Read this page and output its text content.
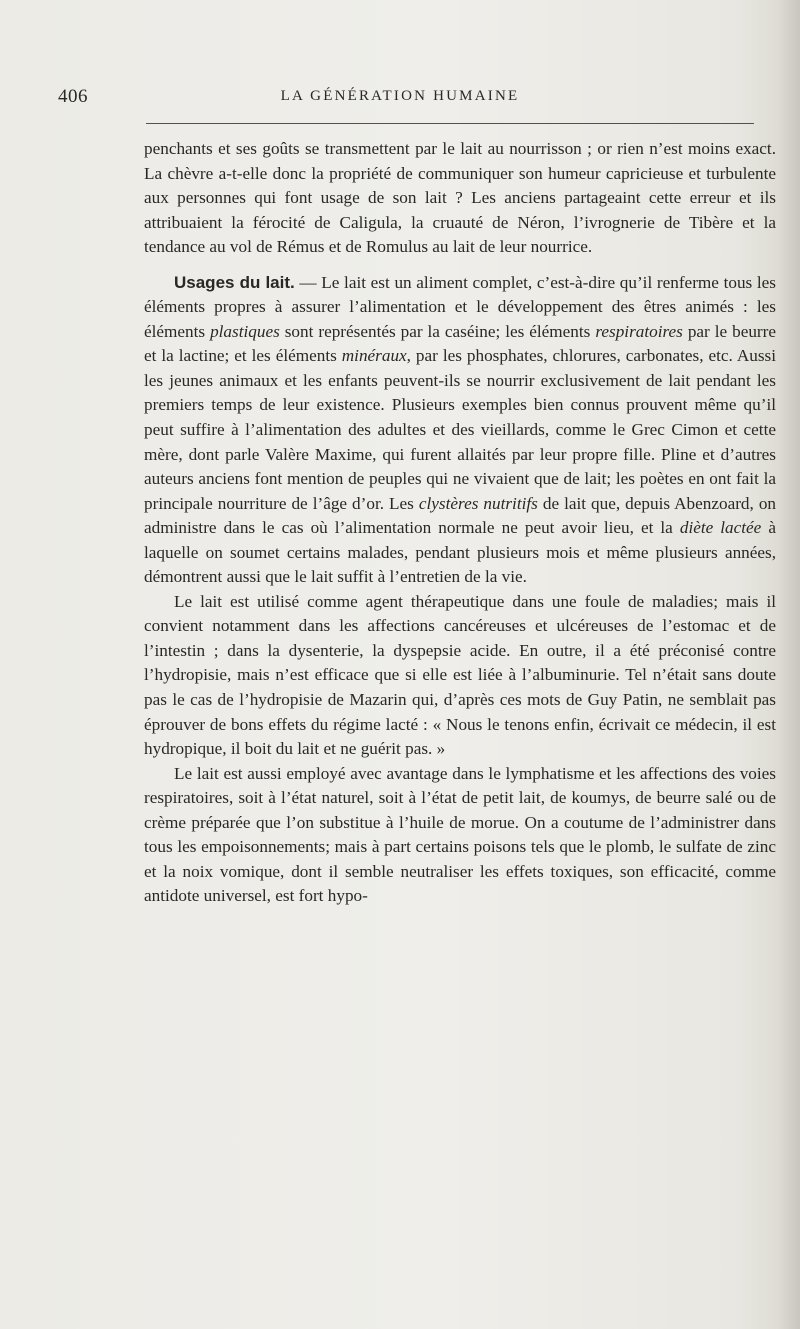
406	LA GÉNÉRATION HUMAINE

penchants et ses goûts se transmettent par le lait au nourrisson ; or rien n’est moins exact. La chèvre a-t-elle donc la propriété de communiquer son humeur capricieuse et turbulente aux personnes qui font usage de son lait ? Les anciens partageaint cette erreur et ils attribuaient la férocité de Caligula, la cruauté de Néron, l’ivrognerie de Tibère et la tendance au vol de Rémus et de Romulus au lait de leur nourrice.

Usages du lait. — Le lait est un aliment complet, c’est-à-dire qu’il renferme tous les éléments propres à assurer l’alimentation et le développement des êtres animés : les éléments plastiques sont représentés par la caséine; les éléments respiratoires par le beurre et la lactine; et les éléments minéraux, par les phosphates, chlorures, carbonates, etc. Aussi les jeunes animaux et les enfants peuvent-ils se nourrir exclusivement de lait pendant les premiers temps de leur existence. Plusieurs exemples bien connus prouvent même qu’il peut suffire à l’alimentation des adultes et des vieillards, comme le Grec Cimon et cette mère, dont parle Valère Maxime, qui furent allaités par leur propre fille. Pline et d’autres auteurs anciens font mention de peuples qui ne vivaient que de lait; les poètes en ont fait la principale nourriture de l’âge d’or. Les clystères nutritifs de lait que, depuis Abenzoard, on administre dans le cas où l’alimentation normale ne peut avoir lieu, et la diète lactée à laquelle on soumet certains malades, pendant plusieurs mois et même plusieurs années, démontrent aussi que le lait suffit à l’entretien de la vie.

Le lait est utilisé comme agent thérapeutique dans une foule de maladies; mais il convient notamment dans les affections cancéreuses et ulcéreuses de l’estomac et de l’intestin ; dans la dysenterie, la dyspepsie acide. En outre, il a été préconisé contre l’hydropisie, mais n’est efficace que si elle est liée à l’albuminurie. Tel n’était sans doute pas le cas de l’hydropisie de Mazarin qui, d’après ces mots de Guy Patin, ne semblait pas éprouver de bons effets du régime lacté : « Nous le tenons enfin, écrivait ce médecin, il est hydropique, il boit du lait et ne guérit pas. »

Le lait est aussi employé avec avantage dans le lymphatisme et les affections des voies respiratoires, soit à l’état naturel, soit à l’état de petit lait, de koumys, de beurre salé ou de crème préparée que l’on substitue à l’huile de morue. On a coutume de l’administrer dans tous les empoisonnements; mais à part certains poisons tels que le plomb, le sulfate de zinc et la noix vomique, dont il semble neutraliser les effets toxiques, son efficacité, comme antidote universel, est fort hypo-
